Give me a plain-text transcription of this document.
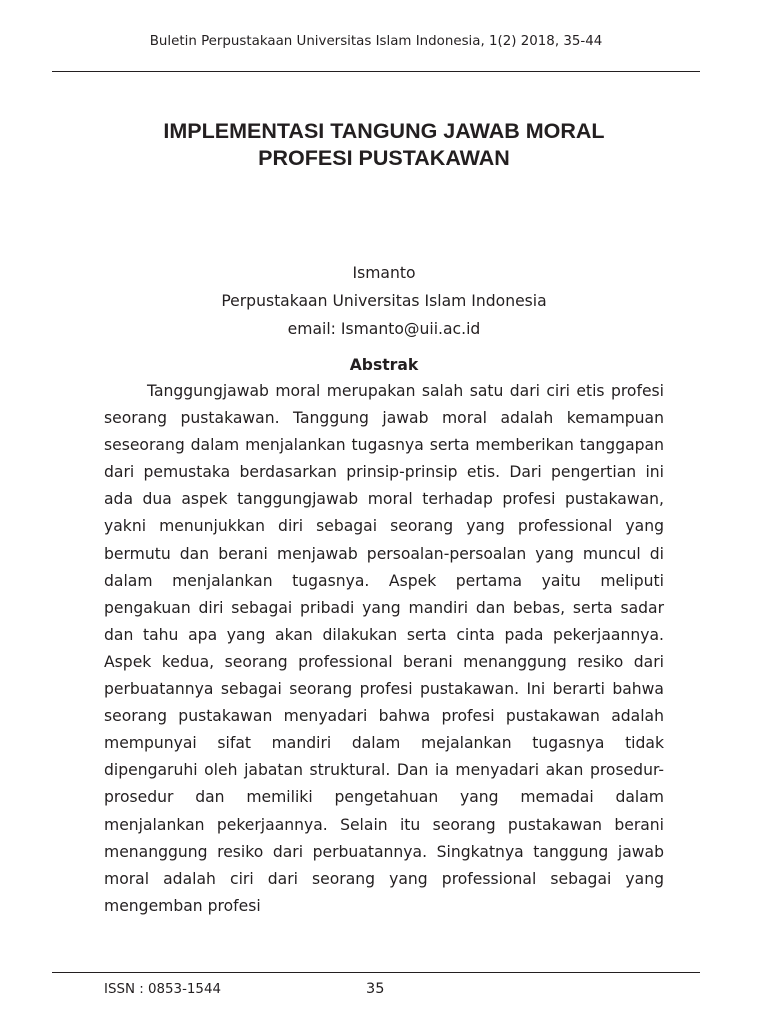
Buletin Perpustakaan Universitas Islam Indonesia, 1(2) 2018, 35-44
IMPLEMENTASI TANGUNG JAWAB MORAL
PROFESI PUSTAKAWAN
Ismanto
Perpustakaan Universitas Islam Indonesia
email: Ismanto@uii.ac.id
Abstrak

Tanggungjawab moral merupakan salah satu dari ciri etis profesi seorang pustakawan. Tanggung jawab moral adalah kemampuan seseorang dalam menjalankan tugasnya serta memberikan tanggapan dari pemustaka berdasarkan prinsip-prinsip etis. Dari pengertian ini ada dua aspek tanggungjawab moral terhadap profesi pustakawan, yakni menunjukkan diri sebagai seorang yang professional yang bermutu dan berani menjawab persoalan-persoalan yang muncul di dalam menjalankan tugasnya. Aspek pertama yaitu meliputi pengakuan diri sebagai pribadi yang mandiri dan bebas, serta sadar dan tahu apa yang akan dilakukan serta cinta pada pekerjaannya. Aspek kedua, seorang professional berani menanggung resiko dari perbuatannya sebagai seorang profesi pustakawan. Ini berarti bahwa seorang pustakawan menyadari bahwa profesi pustakawan adalah mempunyai sifat mandiri dalam mejalankan tugasnya tidak dipengaruhi oleh jabatan struktural. Dan ia menyadari akan prosedur-prosedur dan memiliki pengetahuan yang memadai dalam menjalankan pekerjaannya. Selain itu seorang pustakawan berani menanggung resiko dari perbuatannya. Singkatnya tanggung jawab moral adalah ciri dari seorang yang professional sebagai yang mengemban profesi

ISSN : 0853-1544	35
